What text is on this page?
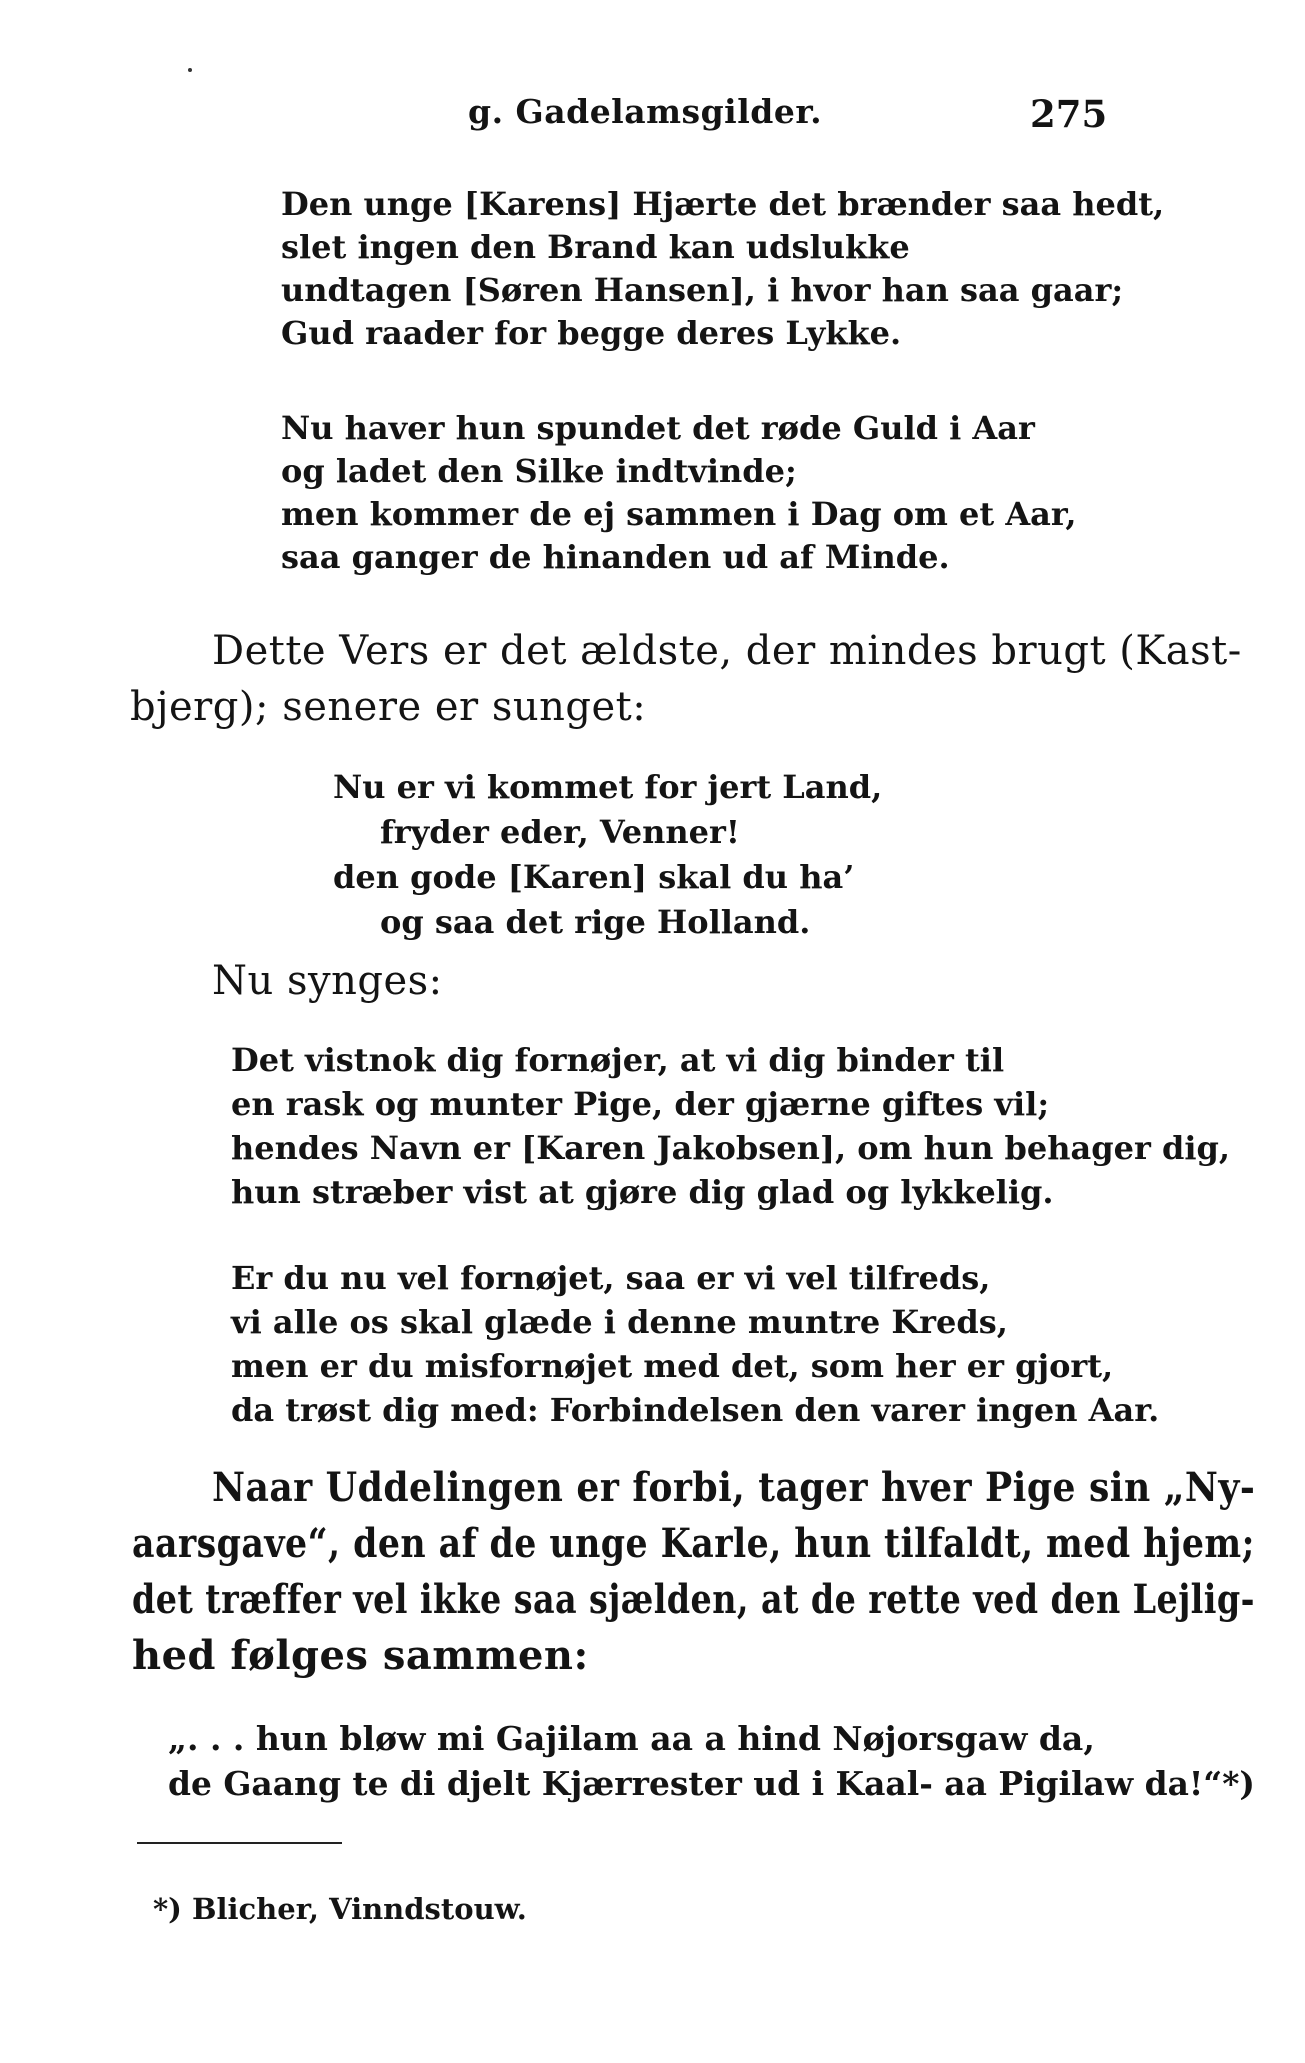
g. Gadelamsgilder.	275
Den unge [Karens] Hjærte det brænder saa hedt,
slet ingen den Brand kan udslukke
undtagen [Søren Hansen], i hvor han saa gaar;
Gud raader for begge deres Lykke.
Nu haver hun spundet det røde Guld i Aar
og ladet den Silke indtvinde;
men kommer de ej sammen i Dag om et Aar,
saa ganger de hinanden ud af Minde.
Dette Vers er det ældste, der mindes brugt (Kast-
bjerg); senere er sunget:
Nu er vi kommet for jert Land,
fryder eder, Venner!
den gode [Karen] skal du ha’
og saa det rige Holland.
Nu synges:
Det vistnok dig fornøjer, at vi dig binder til
en rask og munter Pige, der gjærne giftes vil;
hendes Navn er [Karen Jakobsen], om hun behager dig,
hun stræber vist at gjøre dig glad og lykkelig.
Er du nu vel fornøjet, saa er vi vel tilfreds,
vi alle os skal glæde i denne muntre Kreds,
men er du misfornøjet med det, som her er gjort,
da trøst dig med: Forbindelsen den varer ingen Aar.
Naar Uddelingen er forbi, tager hver Pige sin „Ny-
aarsgave“, den af de unge Karle, hun tilfaldt, med hjem;
det træffer vel ikke saa sjælden, at de rette ved den Lejlig-
hed følges sammen:
„. . . hun bløw mi Gajilam aa a hind Nøjorsgaw da,
de Gaang te di djelt Kjærrester ud i Kaal- aa Pigilaw da!“*)
*) Blicher, Vinndstouw.
